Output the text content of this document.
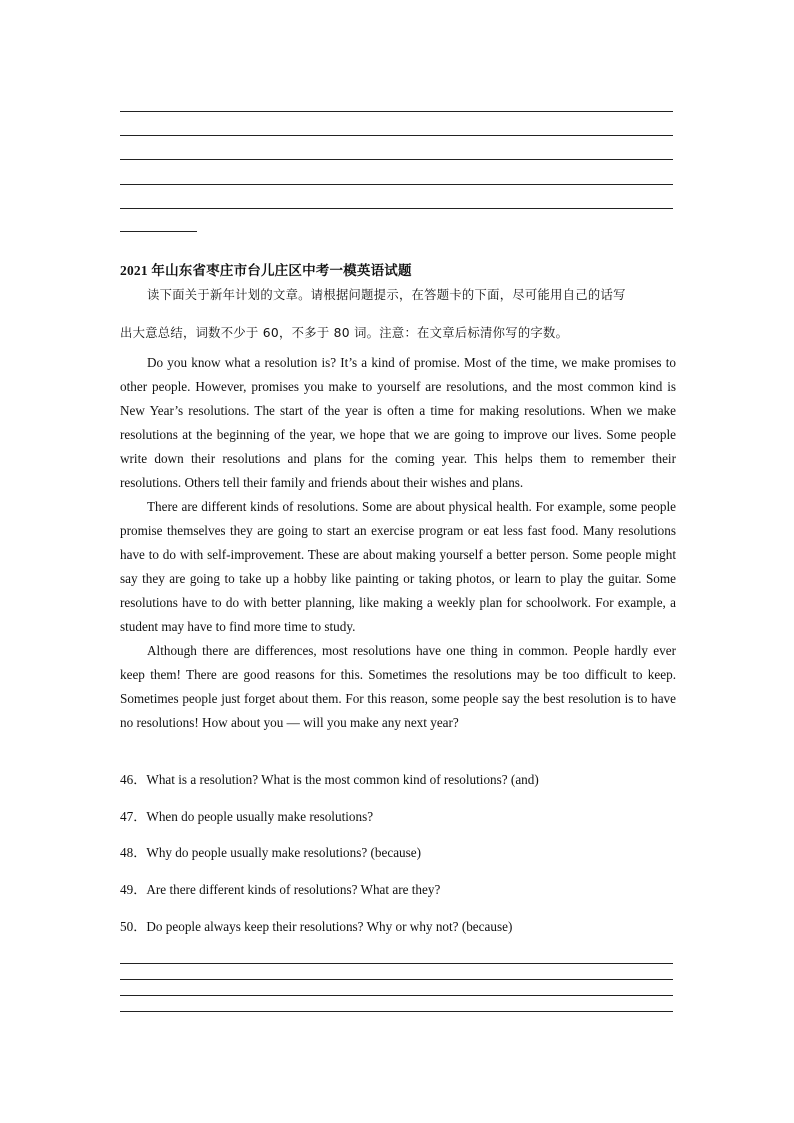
2021 年山东省枣庄市台儿庄区中考一模英语试题
读下面关于新年计划的文章。请根据问题提示，在答题卡的下面，尽可能用自己的话写
出大意总结，词数不少于 60，不多于 80 词。注意：在文章后标清你写的字数。

Do you know what a resolution is? It’s a kind of promise. Most of the time, we make promises to other people. However, promises you make to yourself are resolutions, and the most common kind is New Year’s resolutions. The start of the year is often a time for making resolutions. When we make resolutions at the beginning of the year, we hope that we are going to improve our lives. Some people write down their resolutions and plans for the coming year. This helps them to remember their resolutions. Others tell their family and friends about their wishes and plans.

There are different kinds of resolutions. Some are about physical health. For example, some people promise themselves they are going to start an exercise program or eat less fast food. Many resolutions have to do with self-improvement. These are about making yourself a better person. Some people might say they are going to take up a hobby like painting or taking photos, or learn to play the guitar. Some resolutions have to do with better planning, like making a weekly plan for schoolwork. For example, a student may have to find more time to study.

Although there are differences, most resolutions have one thing in common. People hardly ever keep them! There are good reasons for this. Sometimes the resolutions may be too difficult to keep. Sometimes people just forget about them. For this reason, some people say the best resolution is to have no resolutions! How about you — will you make any next year?

46．What is a resolution? What is the most common kind of resolutions? (and)
47．When do people usually make resolutions?
48．Why do people usually make resolutions? (because)
49．Are there different kinds of resolutions? What are they?
50．Do people always keep their resolutions? Why or why not? (because)
